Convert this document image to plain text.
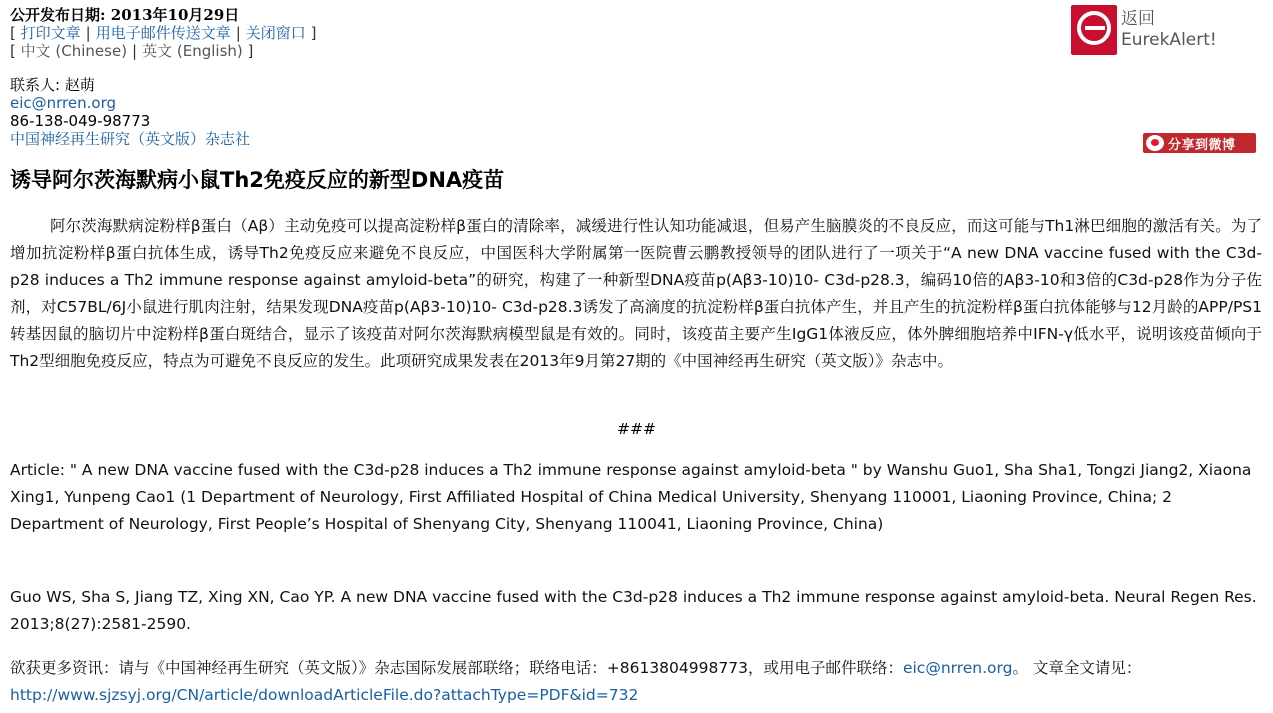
公开发布日期: 2013年10月29日
[ 打印文章 | 用电子邮件传送文章 | 关闭窗口 ]
[ 中文 (Chinese) | 英文 (English) ]
联系人: 赵萌
eic@nrren.org
86-138-049-98773
中国神经再生研究（英文版）杂志社
返回
EurekAlert!
分享到微博
诱导阿尔茨海默病小鼠Th2免疫反应的新型DNA疫苗
阿尔茨海默病淀粉样β蛋白（Aβ）主动免疫可以提高淀粉样β蛋白的清除率，减缓进行性认知功能减退，但易产生脑膜炎的不良反应，而这可能与Th1淋巴细胞的激活有关。为了增加抗淀粉样β蛋白抗体生成，诱导Th2免疫反应来避免不良反应，中国医科大学附属第一医院曹云鹏教授领导的团队进行了一项关于“A new DNA vaccine fused with the C3d-p28 induces a Th2 immune response against amyloid-beta”的研究，构建了一种新型DNA疫苗p(Aβ3-10)10- C3d-p28.3，编码10倍的Aβ3-10和3倍的C3d-p28作为分子佐剂，对C57BL/6J小鼠进行肌肉注射，结果发现DNA疫苗p(Aβ3-10)10- C3d-p28.3诱发了高滴度的抗淀粉样β蛋白抗体产生，并且产生的抗淀粉样β蛋白抗体能够与12月龄的APP/PS1转基因鼠的脑切片中淀粉样β蛋白斑结合，显示了该疫苗对阿尔茨海默病模型鼠是有效的。同时，该疫苗主要产生IgG1体液反应，体外脾细胞培养中IFN-γ低水平，说明该疫苗倾向于Th2型细胞免疫反应，特点为可避免不良反应的发生。此项研究成果发表在2013年9月第27期的《中国神经再生研究（英文版）》杂志中。
###
Article: " A new DNA vaccine fused with the C3d-p28 induces a Th2 immune response against amyloid-beta " by Wanshu Guo1, Sha Sha1, Tongzi Jiang2, Xiaona Xing1, Yunpeng Cao1 (1 Department of Neurology, First Affiliated Hospital of China Medical University, Shenyang 110001, Liaoning Province, China; 2 Department of Neurology, First People’s Hospital of Shenyang City, Shenyang 110041, Liaoning Province, China)
Guo WS, Sha S, Jiang TZ, Xing XN, Cao YP. A new DNA vaccine fused with the C3d-p28 induces a Th2 immune response against amyloid-beta. Neural Regen Res. 2013;8(27):2581-2590.
欲获更多资讯：请与《中国神经再生研究（英文版）》杂志国际发展部联络；联络电话：+8613804998773，或用电子邮件联络：eic@nrren.org。 文章全文请见：http://www.sjzsyj.org/CN/article/downloadArticleFile.do?attachType=PDF&id=732
